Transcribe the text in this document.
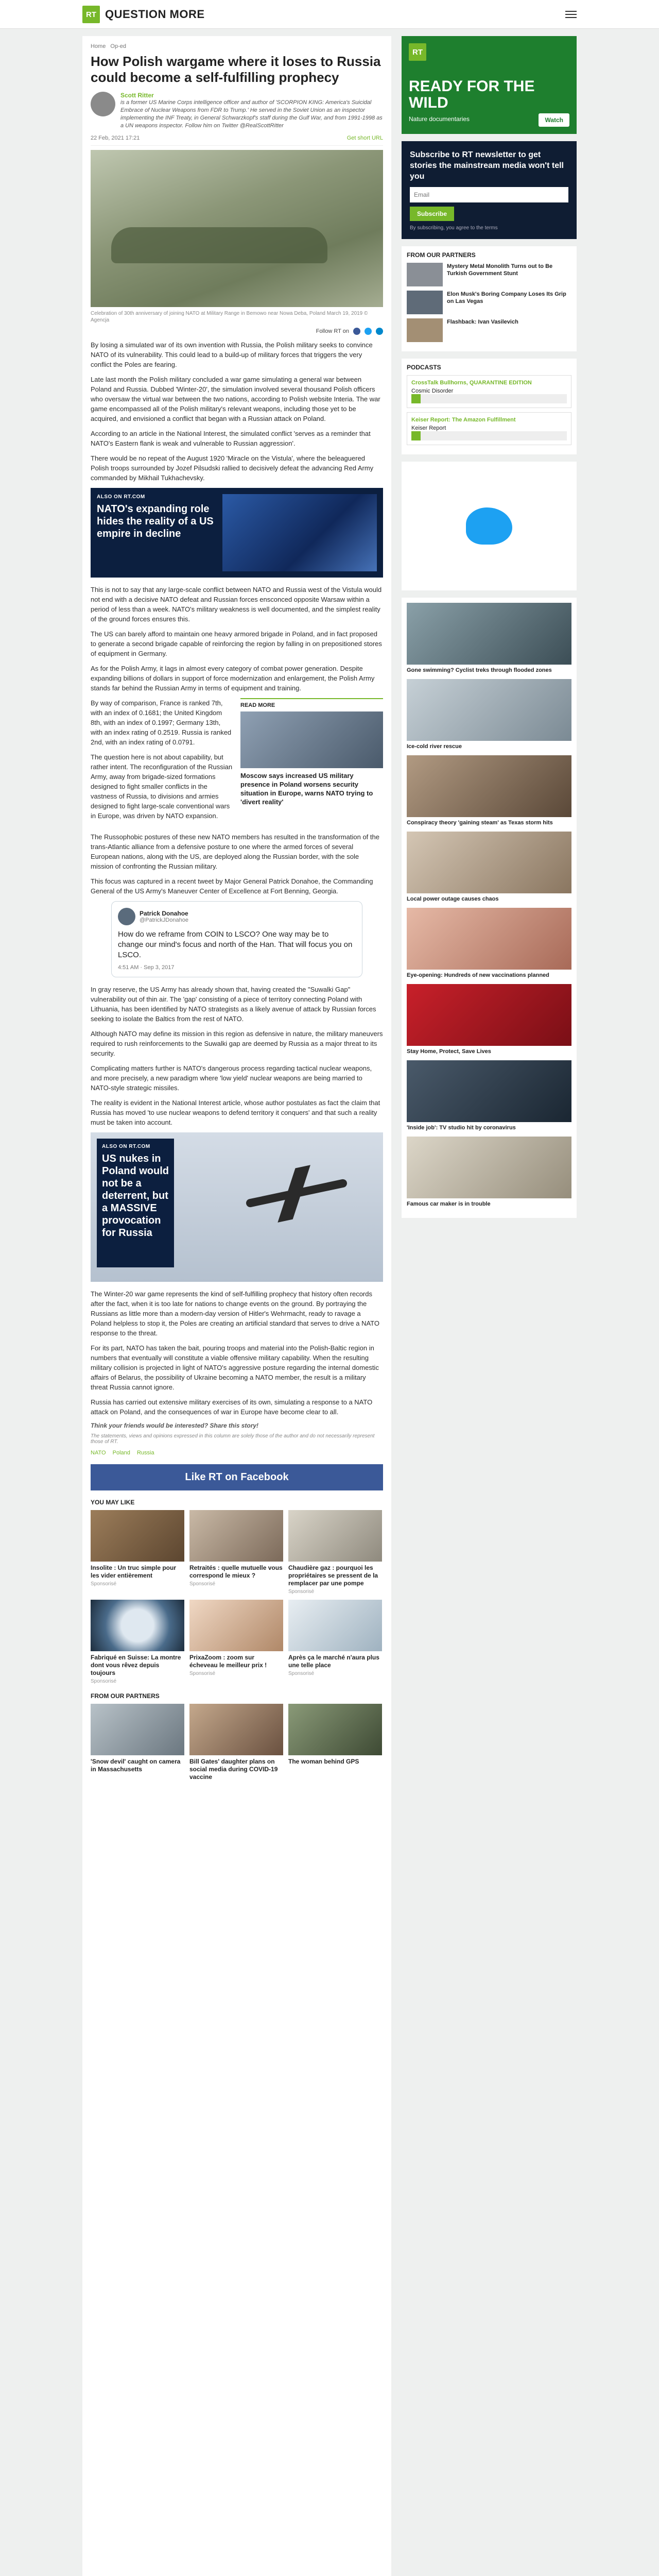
RT QUESTION MORE
Home Op-ed
How Polish wargame where it loses to Russia could become a self-fulfilling prophecy
Scott Ritter
is a former US Marine Corps intelligence officer and author of 'SCORPION KING: America's Suicidal Embrace of Nuclear Weapons from FDR to Trump.' He served in the Soviet Union as an inspector implementing the INF Treaty, in General Schwarzkopf's staff during the Gulf War, and from 1991-1998 as a UN weapons inspector. Follow him on Twitter @RealScottRitter
22 Feb, 2021 17:21	Get short URL
Celebration of 30th anniversary of joining NATO at Military Range in Bemowo near Nowa Deba, Poland March 19, 2019 © Agencja
Follow RT on

By losing a simulated war of its own invention with Russia, the Polish military seeks to convince NATO of its vulnerability. This could lead to a build-up of military forces that triggers the very conflict the Poles are fearing.

Late last month the Polish military concluded a war game simulating a general war between Poland and Russia. Dubbed 'Winter-20', the simulation involved several thousand Polish officers who oversaw the virtual war between the two nations, according to Polish website Interia. The war game encompassed all of the Polish military's relevant weapons, including those yet to be acquired, and envisioned a conflict that began with a Russian attack on Poland.

According to an article in the National Interest, the simulated conflict 'serves as a reminder that NATO's Eastern flank is weak and vulnerable to Russian aggression'.

There would be no repeat of the August 1920 'Miracle on the Vistula', where the beleaguered Polish troops surrounded by Jozef Pilsudski rallied to decisively defeat the advancing Red Army commanded by Mikhail Tukhachevsky.

ALSO ON RT.COM
NATO's expanding role hides the reality of a US empire in decline

This is not to say that any large-scale conflict between NATO and Russia west of the Vistula would not end with a decisive NATO defeat and Russian forces ensconced opposite Warsaw within a period of less than a week. NATO's military weakness is well documented, and the simplest reality of the ground forces ensures this.

The US can barely afford to maintain one heavy armored brigade in Poland, and in fact proposed to generate a second brigade capable of reinforcing the region by falling in on prepositioned stores of equipment in Germany.

As for the Polish Army, it lags in almost every category of combat power generation. Despite expanding billions of dollars in support of force modernization and enlargement, the Polish Army stands far behind the Russian Army in terms of equipment and training.

By way of comparison, France is ranked 7th, with an index of 0.1681; the United Kingdom 8th, with an index of 0.1997; Germany 13th, with an index rating of 0.2519. Russia is ranked 2nd, with an index rating of 0.0791.

The question here is not about capability, but rather intent. The reconfiguration of the Russian Army, away from brigade-sized formations designed to fight smaller conflicts in the vastness of Russia, to divisions and armies designed to fight large-scale conventional wars in Europe, was driven by NATO expansion.

READ MORE
Moscow says increased US military presence in Poland worsens security situation in Europe, warns NATO trying to 'divert reality'

The Russophobic postures of these new NATO members has resulted in the transformation of the trans-Atlantic alliance from a defensive posture to one where the armed forces of several European nations, along with the US, are deployed along the Russian border, with the sole mission of confronting the Russian military.

This focus was captured in a recent tweet by Major General Patrick Donahoe, the Commanding General of the US Army's Maneuver Center of Excellence at Fort Benning, Georgia.

Patrick Donahoe
@PatrickJDonahoe
How do we reframe from COIN to LSCO? One way may be to change our mind's focus and north of the Han. That will focus you on LSCO.
4:51 AM · Sep 3, 2017

In gray reserve, the US Army has already shown that, having created the "Suwalki Gap" vulnerability out of thin air. The 'gap' consisting of a piece of territory connecting Poland with Lithuania, has been identified by NATO strategists as a likely avenue of attack by Russian forces seeking to isolate the Baltics from the rest of NATO.

Although NATO may define its mission in this region as defensive in nature, the military maneuvers required to rush reinforcements to the Suwalki gap are deemed by Russia as a major threat to its security.

Complicating matters further is NATO's dangerous process regarding tactical nuclear weapons, and more precisely, a new paradigm where 'low yield' nuclear weapons are being married to NATO-style strategic missiles.

The reality is evident in the National Interest article, whose author postulates as fact the claim that Russia has moved 'to use nuclear weapons to defend territory it conquers' and that such a reality must be taken into account.

ALSO ON RT.COM
US nukes in Poland would not be a deterrent, but a MASSIVE provocation for Russia

The Winter-20 war game represents the kind of self-fulfilling prophecy that history often records after the fact, when it is too late for nations to change events on the ground. By portraying the Russians as little more than a modern-day version of Hitler's Wehrmacht, ready to ravage a Poland helpless to stop it, the Poles are creating an artificial standard that serves to drive a NATO response to the threat.

For its part, NATO has taken the bait, pouring troops and material into the Polish-Baltic region in numbers that eventually will constitute a viable offensive military capability. When the resulting military collision is projected in light of NATO's aggressive posture regarding the internal domestic affairs of Belarus, the possibility of Ukraine becoming a NATO member, the result is a military threat Russia cannot ignore.

Russia has carried out extensive military exercises of its own, simulating a response to a NATO attack on Poland, and the consequences of war in Europe have become clear to all.

Think your friends would be interested? Share this story!
The statements, views and opinions expressed in this column are solely those of the author and do not necessarily represent those of RT.
NATO Poland Russia
Like RT on Facebook
YOU MAY LIKE
Insolite : Un truc simple pour les vider entièrement
Sponsorisé
Retraités : quelle mutuelle vous correspond le mieux ?
Sponsorisé
Chaudière gaz : pourquoi les propriétaires se pressent de la remplacer par une pompe
Sponsorisé
Fabriqué en Suisse: La montre dont vous rêvez depuis toujours
Sponsorisé
PrixaZoom : zoom sur écheveau le meilleur prix !
Sponsorisé
Après ça le marché n'aura plus une telle place
Sponsorisé
FROM OUR PARTNERS
'Snow devil' caught on camera in Massachusetts
Bill Gates' daughter plans on social media during COVID-19 vaccine
The woman behind GPS
RT
READY FOR THE WILD
Nature documentaries	Watch
Subscribe to RT newsletter to get stories the mainstream media won't tell you
Email Subscribe
By subscribing, you agree to the terms
FROM OUR PARTNERS
Mystery Metal Monolith Turns out to Be Turkish Government Stunt
Elon Musk's Boring Company Loses Its Grip on Las Vegas
Flashback: Ivan Vasilevich
PODCASTS
CrossTalk Bullhorns, QUARANTINE EDITION
Cosmic Disorder
Keiser Report: The Amazon Fulfillment
Keiser Report
Gone swimming? Cyclist treks through flooded zones
Ice-cold river rescue
Conspiracy theory 'gaining steam' as Texas storm hits
Local power outage causes chaos
Eye-opening: Hundreds of new vaccinations planned
Stay Home, Protect, Save Lives
'Inside job': TV studio hit by coronavirus
Famous car maker is in trouble
